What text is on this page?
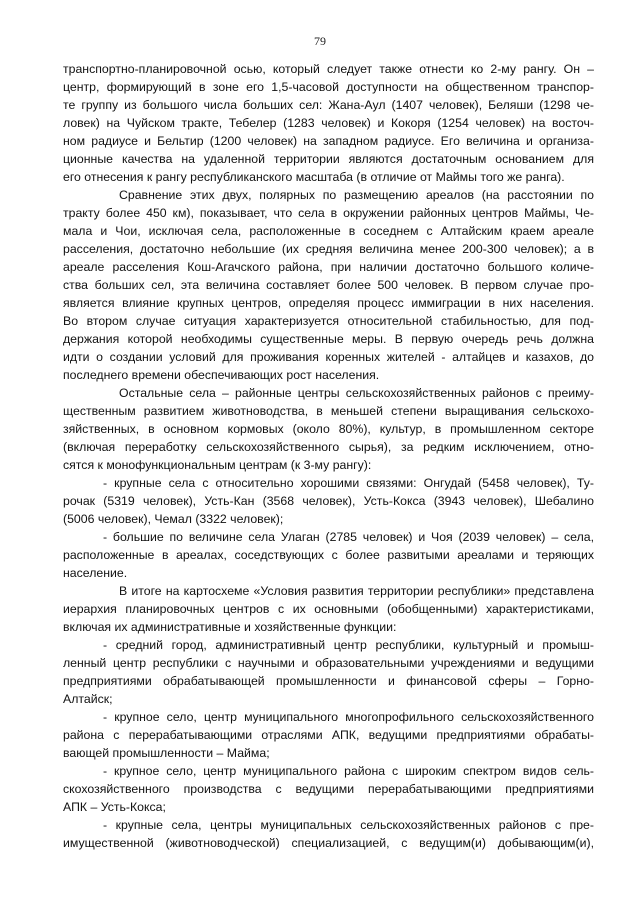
79

транспортно-планировочной осью, который следует также отнести ко 2-му рангу. Он –

центр, формирующий в зоне его 1,5-часовой доступности на общественном транспор-

те группу из большого числа больших сел: Жана-Аул (1407 человек), Беляши (1298 че-

ловек) на Чуйском тракте, Тебелер (1283 человек) и Кокоря (1254 человек) на восточ-

ном радиусе и Бельтир (1200 человек) на западном радиусе. Его величина и организа-

ционные качества на удаленной территории являются достаточным основанием для

его отнесения к рангу республиканского масштаба (в отличие от Маймы того же ранга).

Сравнение этих двух, полярных по размещению ареалов (на расстоянии по

тракту более 450 км), показывает, что села в окружении районных центров Маймы, Че-

мала и Чои, исключая села, расположенные в соседнем с Алтайским краем ареале

расселения, достаточно небольшие (их средняя величина менее 200-300 человек); а в

ареале расселения Кош-Агачского района, при наличии достаточно большого количе-

ства больших сел, эта величина составляет более 500 человек. В первом случае про-

является влияние крупных центров, определяя процесс иммиграции в них населения.

Во втором случае ситуация характеризуется относительной стабильностью, для под-

держания которой необходимы существенные меры. В первую очередь речь должна

идти о создании условий для проживания коренных жителей - алтайцев и казахов, до

последнего времени обеспечивающих рост населения.

Остальные села – районные центры сельскохозяйственных районов с преиму-

щественным развитием животноводства, в меньшей степени выращивания сельскохо-

зяйственных, в основном кормовых (около 80%), культур, в промышленном секторе

(включая переработку сельскохозяйственного сырья), за редким исключением, отно-

сятся к монофункциональным центрам (к 3-му рангу):

- крупные села с относительно хорошими связями: Онгудай (5458 человек), Ту-

рочак (5319 человек), Усть-Кан (3568 человек), Усть-Кокса (3943 человек), Шебалино

(5006 человек), Чемал (3322 человек);

- большие по величине села Улаган (2785 человек) и Чоя (2039 человек) – села,

расположенные в ареалах, соседствующих с более развитыми ареалами и теряющих

население.

В итоге на картосхеме «Условия развития территории республики» представлена

иерархия планировочных центров с их основными (обобщенными) характеристиками,

включая их административные и хозяйственные функции:

- средний город, административный центр республики, культурный и промыш-

ленный центр республики с научными и образовательными учреждениями и ведущими

предприятиями обрабатывающей промышленности и финансовой сферы – Горно-

Алтайск;

- крупное село, центр муниципального многопрофильного сельскохозяйственного

района с перерабатывающими отраслями АПК, ведущими предприятиями обрабаты-

вающей промышленности – Майма;

- крупное село, центр муниципального района с широким спектром видов сель-

скохозяйственного производства с ведущими перерабатывающими предприятиями

АПК – Усть-Кокса;

- крупные села, центры муниципальных сельскохозяйственных районов с пре-

имущественной (животноводческой) специализацией, с ведущим(и) добывающим(и),
